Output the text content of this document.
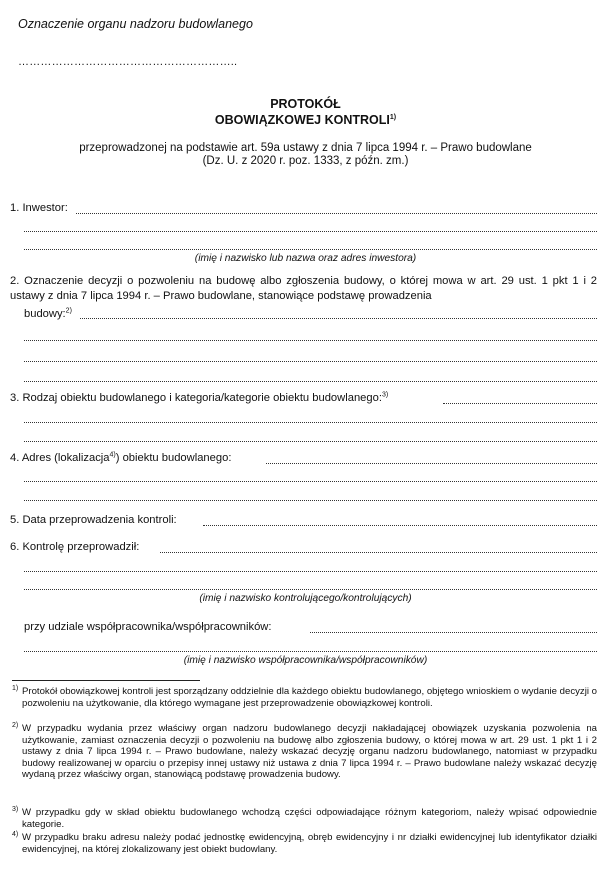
Oznaczenie organu nadzoru budowlanego
…………………………………………………..
PROTOKÓŁ
OBOWIĄZKOWEJ KONTROLI$^{1)}$
przeprowadzonej na podstawie art. 59a ustawy z dnia 7 lipca 1994 r. – Prawo budowlane
(Dz. U. z 2020 r. poz. 1333, z późn. zm.)
1. Inwestor:
(imię i nazwisko lub nazwa oraz adres inwestora)
2. Oznaczenie decyzji o pozwoleniu na budowę albo zgłoszenia budowy, o której mowa w art. 29 ust. 1 pkt 1 i 2 ustawy z dnia 7 lipca 1994 r. – Prawo budowlane, stanowiące podstawę prowadzenia
budowy:$^{2)}$
3. Rodzaj obiektu budowlanego i kategoria/kategorie obiektu budowlanego:$^{3)}$
4. Adres (lokalizacja$^{4)}$) obiektu budowlanego:
5. Data przeprowadzenia kontroli:
6. Kontrolę przeprowadził:
(imię i nazwisko kontrolującego/kontrolujących)
przy udziale współpracownika/współpracowników:
(imię i nazwisko współpracownika/współpracowników)
1) Protokół obowiązkowej kontroli jest sporządzany oddzielnie dla każdego obiektu budowlanego, objętego wnioskiem o wydanie decyzji o pozwoleniu na użytkowanie, dla którego wymagane jest przeprowadzenie obowiązkowej kontroli.
2) W przypadku wydania przez właściwy organ nadzoru budowlanego decyzji nakładającej obowiązek uzyskania pozwolenia na użytkowanie, zamiast oznaczenia decyzji o pozwoleniu na budowę albo zgłoszenia budowy, o której mowa w art. 29 ust. 1 pkt 1 i 2 ustawy z dnia 7 lipca 1994 r. – Prawo budowlane, należy wskazać decyzję organu nadzoru budowlanego, natomiast w przypadku budowy realizowanej w oparciu o przepisy innej ustawy niż ustawa z dnia 7 lipca 1994 r. – Prawo budowlane należy wskazać decyzję wydaną przez właściwy organ, stanowiącą podstawę prowadzenia budowy.
3) W przypadku gdy w skład obiektu budowlanego wchodzą części odpowiadające różnym kategoriom, należy wpisać odpowiednie kategorie.
4) W przypadku braku adresu należy podać jednostkę ewidencyjną, obręb ewidencyjny i nr działki ewidencyjnej lub identyfikator działki ewidencyjnej, na której zlokalizowany jest obiekt budowlany.
